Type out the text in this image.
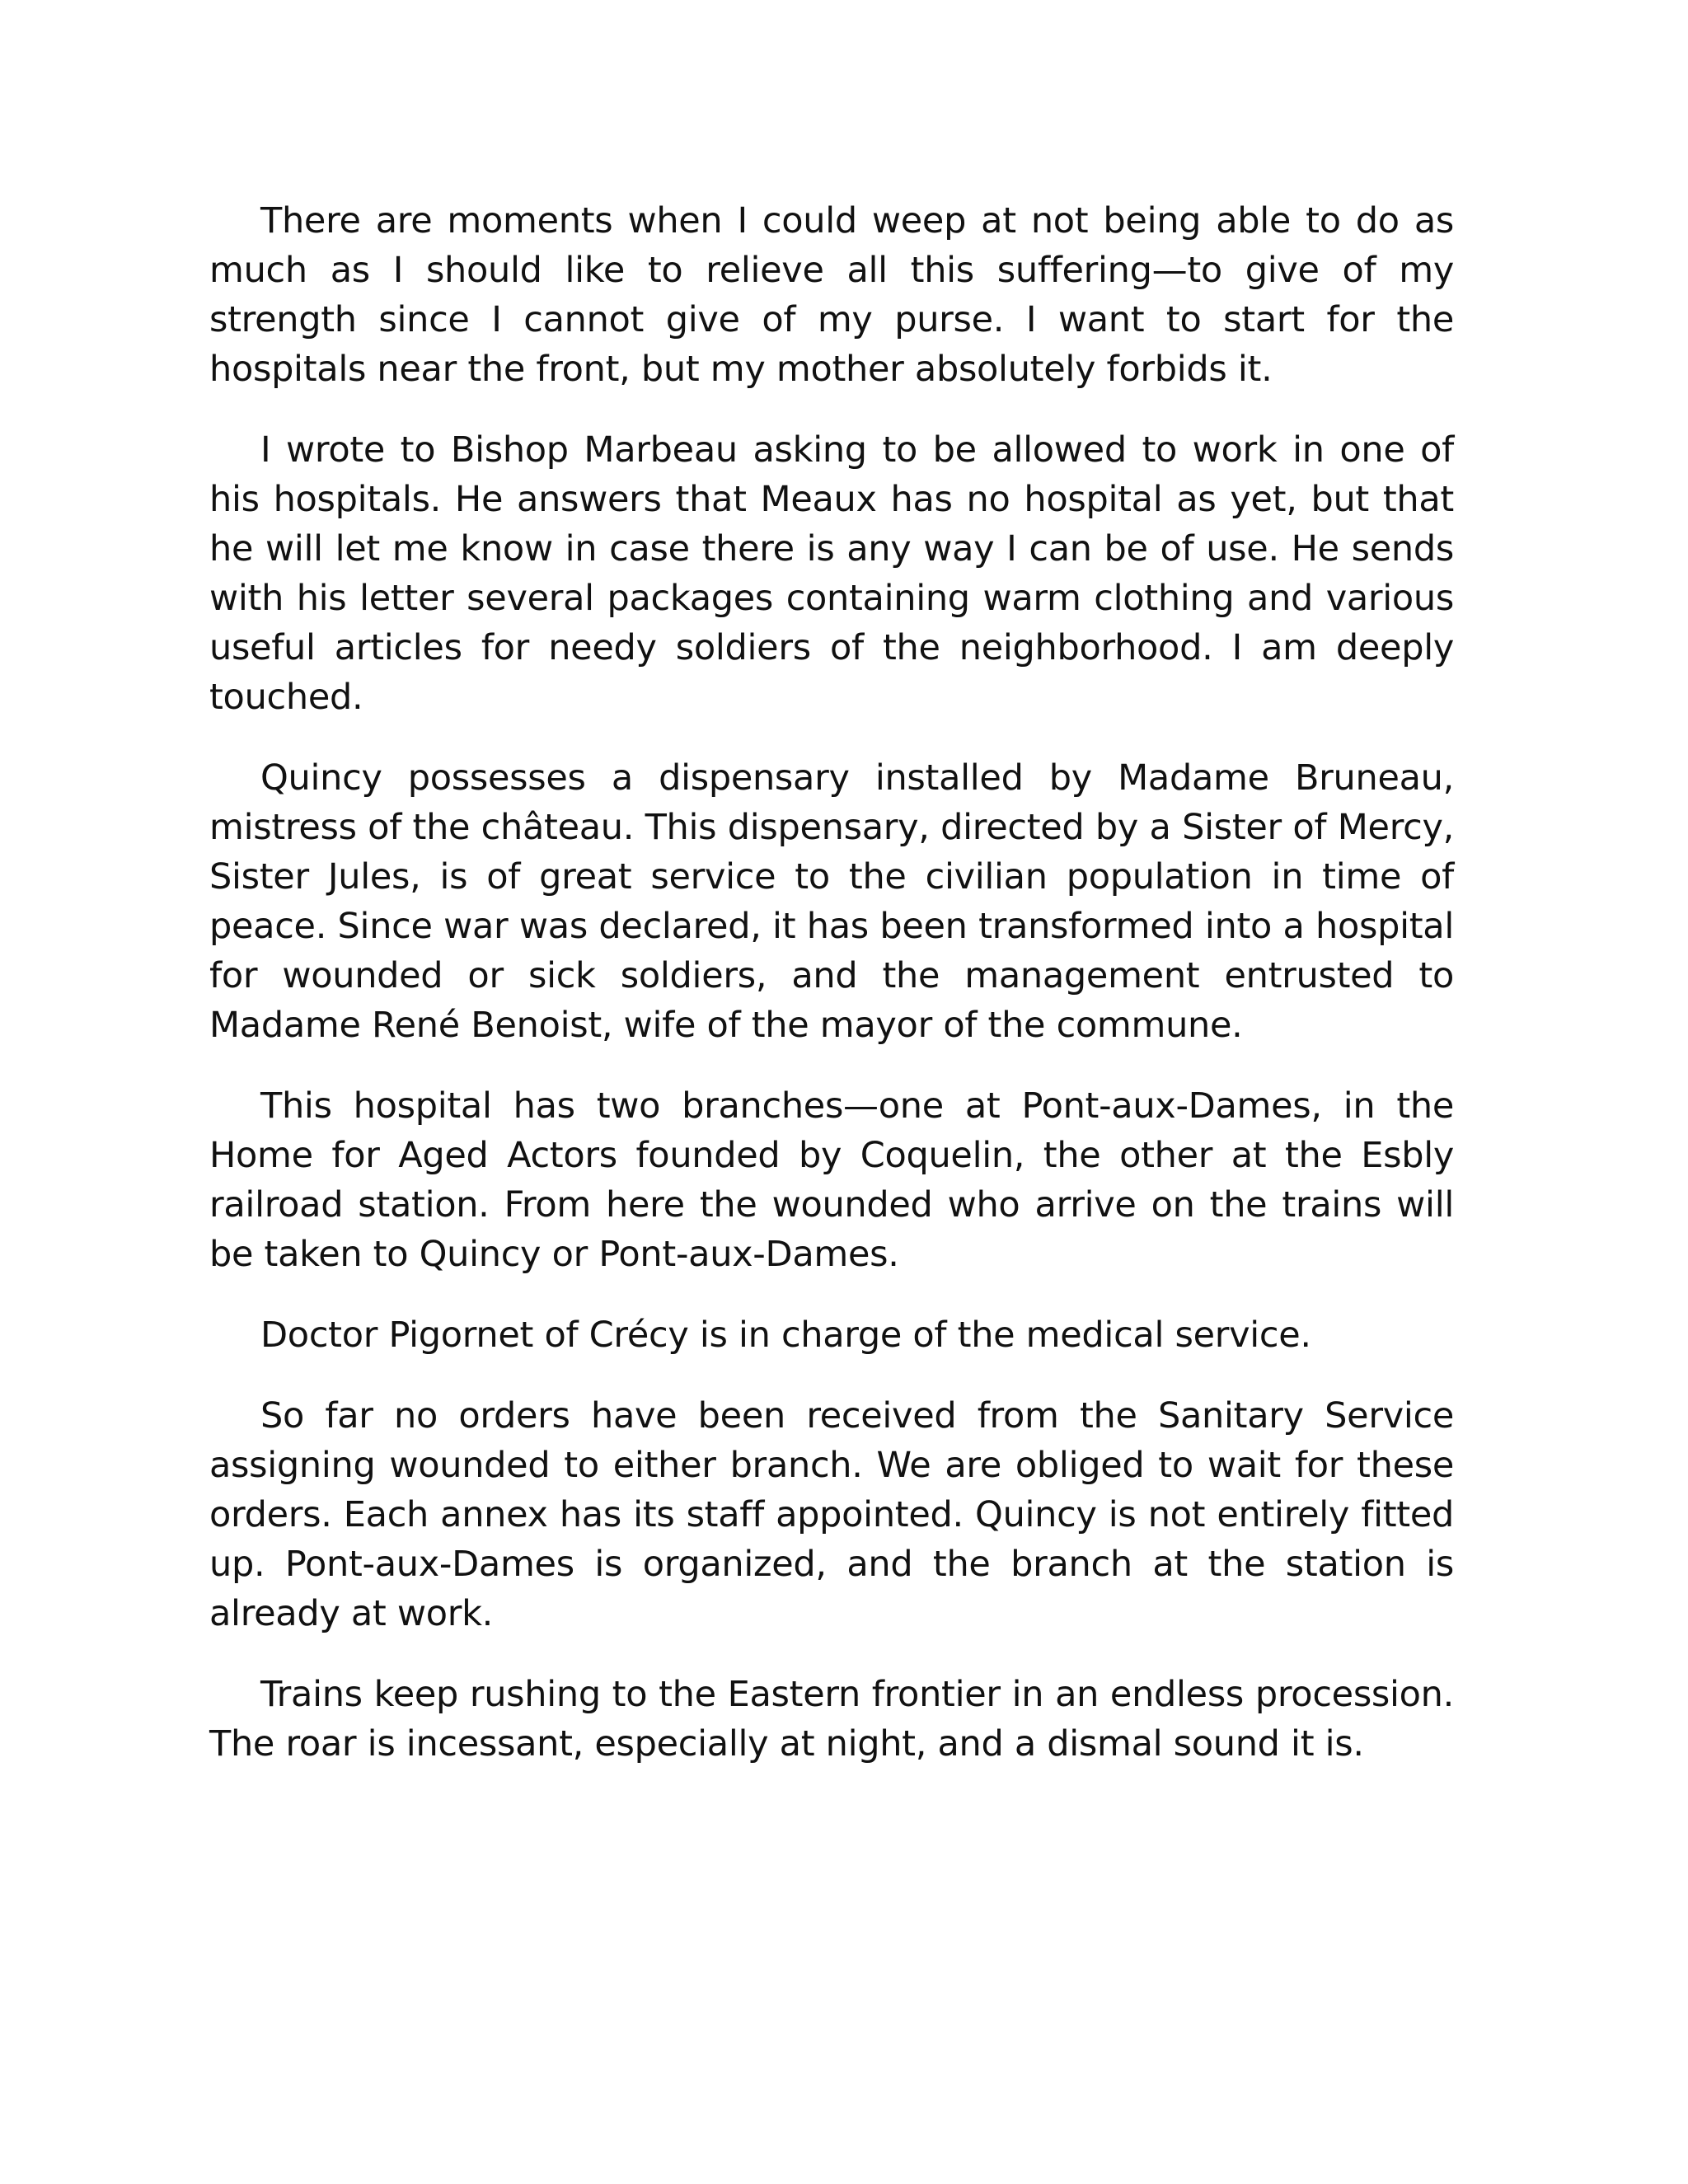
There are moments when I could weep at not being able to do as much as I should like to relieve all this suffering—to give of my strength since I cannot give of my purse. I want to start for the hospitals near the front, but my mother absolutely forbids it.

I wrote to Bishop Marbeau asking to be allowed to work in one of his hospitals. He answers that Meaux has no hospital as yet, but that he will let me know in case there is any way I can be of use. He sends with his letter several packages containing warm clothing and various useful articles for needy soldiers of the neighborhood. I am deeply touched.

Quincy possesses a dispensary installed by Madame Bruneau, mistress of the château. This dispensary, directed by a Sister of Mercy, Sister Jules, is of great service to the civilian population in time of peace. Since war was declared, it has been transformed into a hospital for wounded or sick soldiers, and the management entrusted to Madame René Benoist, wife of the mayor of the commune.

This hospital has two branches—one at Pont-aux-Dames, in the Home for Aged Actors founded by Coquelin, the other at the Esbly railroad station. From here the wounded who arrive on the trains will be taken to Quincy or Pont-aux-Dames.

Doctor Pigornet of Crécy is in charge of the medical service.

So far no orders have been received from the Sanitary Service assigning wounded to either branch. We are obliged to wait for these orders. Each annex has its staff appointed. Quincy is not entirely fitted up. Pont-aux-Dames is organized, and the branch at the station is already at work.

Trains keep rushing to the Eastern frontier in an endless procession. The roar is incessant, especially at night, and a dismal sound it is.
